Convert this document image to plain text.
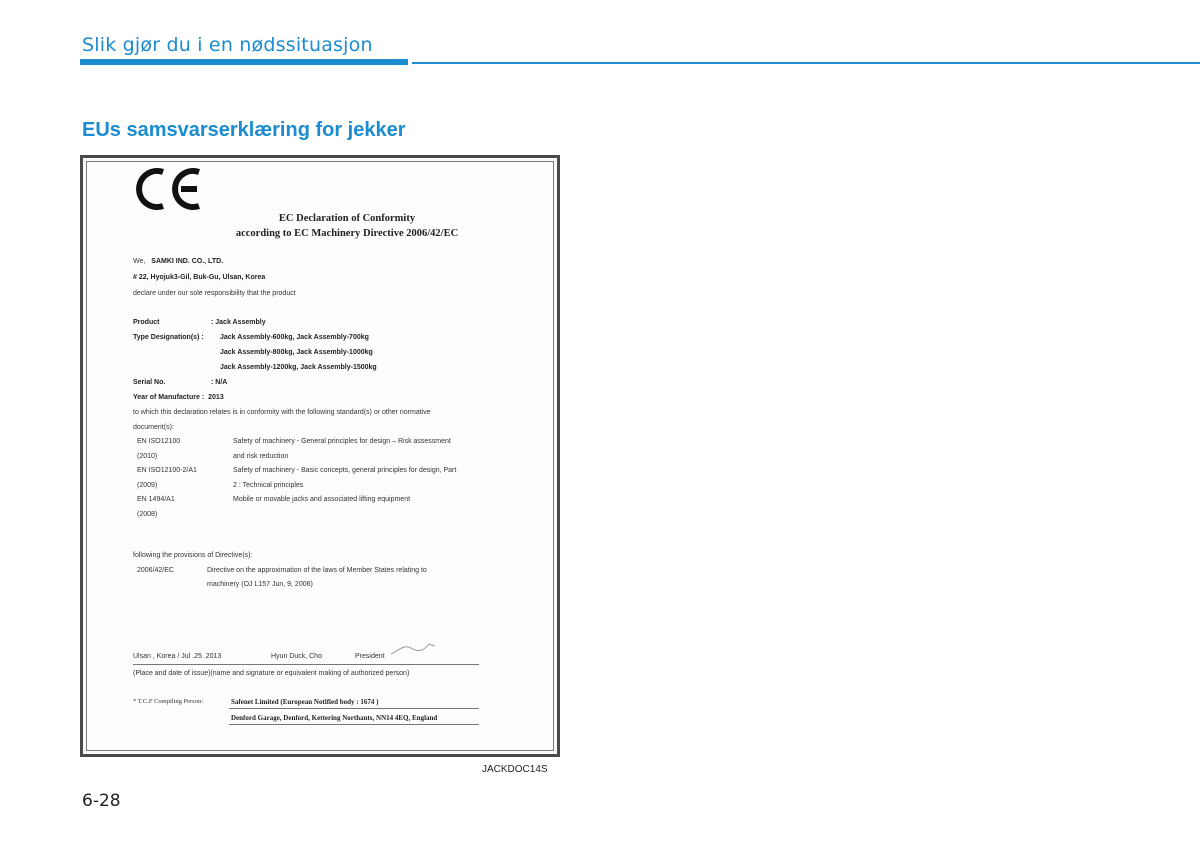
Slik gjør du i en nødssituasjon
EUs samsvarserklæring for jekker
EC Declaration of Conformity
according to EC Machinery Directive 2006/42/EC
We, SAMKI IND. CO., LTD.
# 22, Hyojuk3-Gil, Buk-Gu, Ulsan, Korea
declare under our sole responsibility that the product
Product	: Jack Assembly
Type Designation(s) : Jack Assembly-600kg, Jack Assembly-700kg
Jack Assembly-800kg, Jack Assembly-1000kg
Jack Assembly-1200kg, Jack Assembly-1500kg
Serial No.	: N/A
Year of Manufacture : 2013
to which this declaration relates is in conformity with the following standard(s) or other normative
document(s):
EN ISO12100	Safety of machinery - General principles for design – Risk assessment
(2010)	and risk reduction
EN ISO12100-2/A1	Safety of machinery - Basic concepts, general principles for design, Part
(2009)	2 : Technical principles
EN 1494/A1	Mobile or movable jacks and associated lifting equipment
(2008)
following the provisions of Directive(s):
2006/42/EC	Directive on the approximation of the laws of Member States relating to
machinery (OJ L157 Jun, 9, 2006)
Ulsan , Korea / Jul .25 .2013	Hyun Duck, Cho	President
(Place and date of issue)(name and signature or equivalent making of authorized person)
* T.C.F Compiling Person:	Safenet Limited (European Notified body : 1674 )
Denford Garage, Denford, Kettering Northants, NN14 4EQ, England
JACKDOC14S
6-28
